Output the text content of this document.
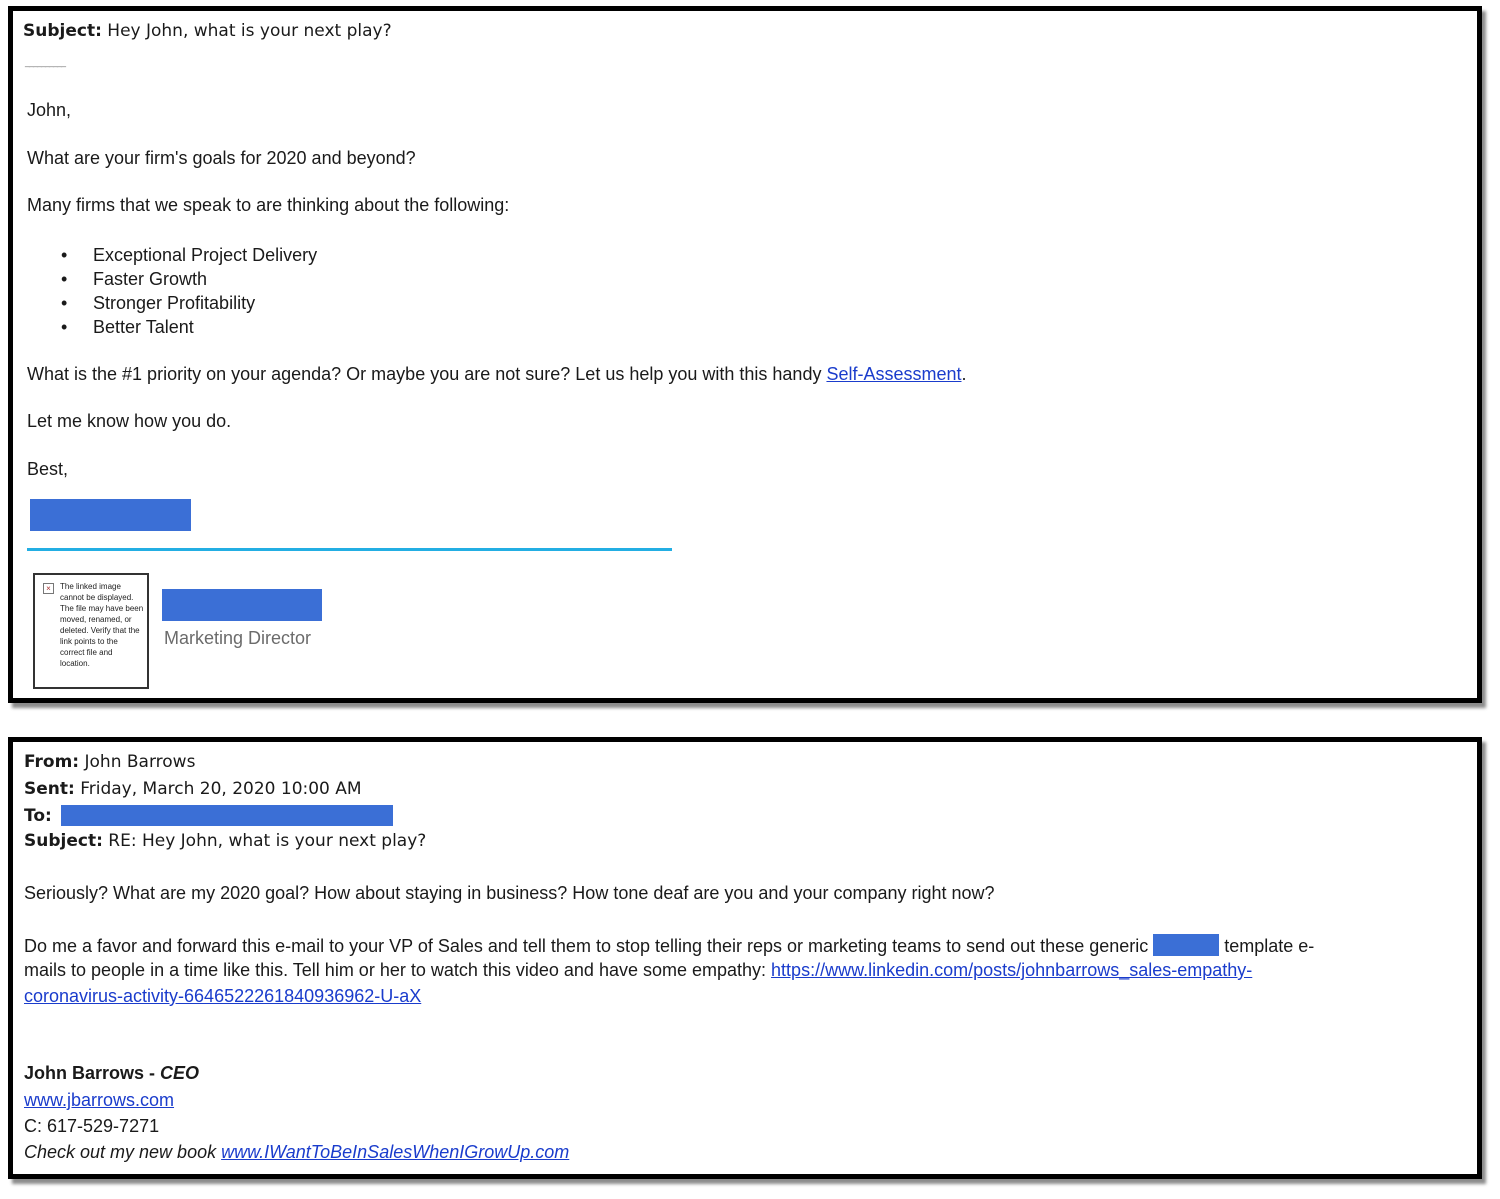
Subject: Hey John, what is your next play?
__________
John,
What are your firm's goals for 2020 and beyond?
Many firms that we speak to are thinking about the following:
• Exceptional Project Delivery
• Faster Growth
• Stronger Profitability
• Better Talent
What is the #1 priority on your agenda? Or maybe you are not sure? Let us help you with this handy Self-Assessment.
Let me know how you do.
Best,
×	The linked image cannot be displayed. The file may have been moved, renamed, or deleted. Verify that the link points to the correct file and location.
Marketing Director
From: John Barrows
Sent: Friday, March 20, 2020 10:00 AM
To:
Subject: RE: Hey John, what is your next play?
Seriously? What are my 2020 goal? How about staying in business? How tone deaf are you and your company right now?
Do me a favor and forward this e-mail to your VP of Sales and tell them to stop telling their reps or marketing teams to send out these generic	template e-
mails to people in a time like this. Tell him or her to watch this video and have some empathy: https://www.linkedin.com/posts/johnbarrows_sales-empathy-
coronavirus-activity-6646522261840936962-U-aX
John Barrows - CEO
www.jbarrows.com
C: 617-529-7271
Check out my new book www.IWantToBeInSalesWhenIGrowUp.com
